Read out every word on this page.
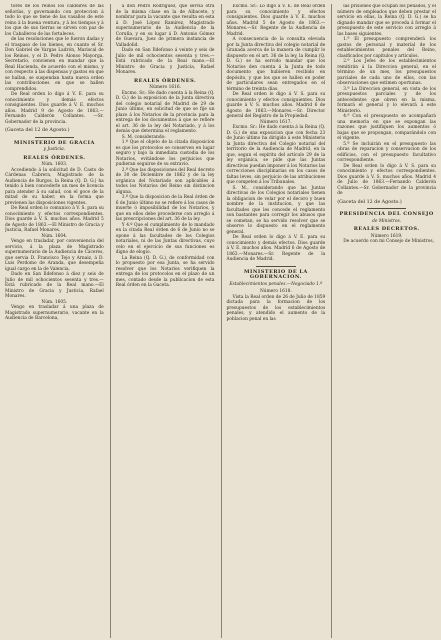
tores de los reinos los caldeires de las señorías, y governando con proteccion á todo lo que se tiene de las vasallos de este reino à la buena ventura, y à los tiempos y à los que de sus tierras se sirven con paz de los Caballeros de las fortaleces.

de las resoluciones que le fueron dadas y el traspaso de los bienes, en cuanto el Sr. Don Gabriel de Vargas Ladrón, Mariscal de los Reinos, y el D. Pedro Alonso Mayorga, Secretario, convienen en mandar que la Real Hacienda, de acuerdo con el mismo, y con respecto á las dispensas y gastos en que se hallan, se suspendan hasta nueva orden las contribuciones en que se hallen comprendidos.

De Real orden lo digo á V. E. para su conocimiento y demás efectos consiguientes. Dios guarde á V. E. muchos años. Madrid 9 de Agosto de 1863.—Fernando Calderón Collantes. —Sr. Gobernador de la provincia.

(Gaceta del 12 de Agosto.)
MINISTERIO DE GRACIA
y Justicia.
REALES ÓRDENES.

Núm. 1603.

Accediendo á la solicitud de D. Casto de Cárdenas Cabrera, Magistrado de la Audiencia de Burgos, la Reina (Q. D. G.) ha tenido á bien concederle un mes de licencia para atender á su salud, con el goce de la mitad de su haber, en la forma que previenen las disposiciones vigentes.

De Real orden lo comunico á V. S. para su conocimiento y efectos correspondientes. Dios guarde á V. S. muchos años. Madrid 5 de Agosto de 1863.—El Ministro de Gracia y Justicia, Rafael Monares.

Núm. 1604.

Vengo en trasladar, por conveniencia del servicio, á la plaza de Magistrado supernumerario de la Audiencia de Cáceres, que servia D. Francisco Tejo y Arnaiz, á D. Luis Perdomo de Aranda, que desempeña igual cargo en la de Valencia.

Dado en San Ildefonso á diez y seis de Julio de mil ochocientos sesenta y tres.—Está rubricado de la Real mano.—El Ministro de Gracia y Justicia, Rafael Monares.

Núm. 1605.

Vengo en trasladar á una plaza de Magistrado supernumerario, vacante en la Audiencia de Barcelona,

á don Pedro Rodriguez, que servia otra de la misma clase en la de Albacete, y nombrar para la vacante que resulta en esta á D. José López Ramírez, Magistrado supernumerario de la Audiencia de la Coruña, y en su lugar á D. Antonio Gómez de Guevara, Juez de primera instancia de Valladolid.

Dado en San Ildefonso á veinte y seis de Julio de mil ochocientos sesenta y tres.—Está rubricado de la Real mano.—El Ministro de Gracia y Justicia, Rafael Monares.

REALES ÓRDENES.

Número 1616.

Excmo. Sr.: He dado cuenta á la Reina (Q. D. G.) de la exposicion de la Junta directiva del colegio notarial de Madrid de 29 de Junio último, en solicitud de que se fije un plazo á los Notarios de la provincia para la entrega de los documentos á que se refiere el art. 36 de la ley del Notariado, y á los demás que determina el reglamento.

S. M. considerando:

1.º Que el objeto de la citada disposicion es que los protocolos se conserven en lugar seguro y bajo la inmediata custodia de los Notarios, evitándose los perjuicios que pudieran seguirse de su extravío.

2.º Que las disposiciones del Real decreto de 30 de Diciembre de 1862 y de la ley orgánica del Notariado son aplicables á todos los Notarios del Reino sin distincion alguna.

3.º Que la disposicion de la Real órden de 6 de Junio último no se refiere á los casos de muerte ó imposibilidad de los Notarios, y que en ellos debe procederse con arreglo á las prescripciones del art. 36 de la ley.

Y 4.º Que el cumplimiento de lo mandado en la citada Real órden de 6 de Junio no se opone á las facultades de los Colegios notariales, ni de las Juntas directivas, cuyo celo en el ejercicio de sus funciones es digno de elogio.

La Reina (Q. D. G.), de conformidad con lo propuesto por esa Junta, se ha servido resolver que los Notarios verifiquen la entrega de los protocolos en el plazo de un mes, contado desde la publicacion de esta Real órden en la Gaceta.

Excmo. Sr.: Lo digo á V. E. de Real orden para su conocimiento y efectos consiguientes. Dios guarde á V. E. muchos años. Madrid 5 de Agosto de 1863.—Monares.—Sr. Regente de la Audiencia de Madrid.

A consecuencia de la consulta elevada por la Junta directiva del colegio notarial de Granada acerca de la manera de cumplir lo dispuesto en el art. 36 de la ley, la Reina (Q. D. G.) se ha servido mandar que los Notarios den cuenta á la Junta de todo documento que hubieren recibido en depósito, y que los que se hallen en poder de particulares sean entregados en el término de treinta dias.

De Real orden lo digo á V. S. para su conocimiento y efectos consiguientes. Dios guarde á V. S. muchos años. Madrid 6 de Agosto de 1863.—Monares.—Sr. Director general del Registro de la Propiedad.

Número 1617.

Excmo. Sr.: He dado cuenta á la Reina (Q. D. G.) de una exposicion que con fecha 23 de Junio último ha dirigido á este Ministerio la Junta directiva del Colegio notarial del territorio de la Audiencia de Madrid, en la que, segun el espíritu del artículo 29 de la ley orgánica, se pide que las Juntas directivas puedan imponer á los Notarios las correcciones disciplinarias en los casos de faltas leves, sin perjuicio de las atribuciones que competen á los Tribunales.

S. M., considerando que las Juntas directivas de los Colegios notariales tienen la obligacion de velar por el decoro y buen nombre de la institucion, y que las facultades que les concede el reglamento son bastantes para corregir los abusos que se cometan, se ha servido resolver que se observe lo dispuesto en el reglamento general.

De Real orden lo digo á V. E. para su conocimiento y demás efectos. Dios guarde á V. E. muchos años. Madrid 6 de Agosto de 1863.—Monares.—Sr. Regente de la Audiencia de Madrid.

MINISTERIO DE LA GOBERNACION.
Establecimientos penales.—Negociado 1.º

Número 1618.

Vista la Real orden de 26 de Julio de 1859 dictada para la formacion de los presupuestos de los establecimientos penales, y atendido el aumento de la poblacion penal en las

las prisiones que ocupan los penados, y el número de empleados que deben prestar el servicio en ellas, la Reina (Q. D. G.) se ha dignado mandar que se proceda á formar el presupuesto de este servicio con arreglo á las bases siguientes.

1.ª El presupuesto comprenderá los gastos de personal y material de los establecimientos penales del Reino, clasificados por capítulos y artículos.

2.ª Los Jefes de los establecimientos remitirán á la Direccion general, en el término de un mes, los presupuestos parciales de cada uno de ellos, con las observaciones que estimen oportunas.

3.ª La Direccion general, en vista de los presupuestos parciales y de los antecedentes que obren en la misma, formará el general y lo elevará á este Ministerio.

4.ª Con el presupuesto se acompañará una memoria en que se expongan las razones que justifiquen los aumentos ó bajas que se propongan, comparándolo con el vigente.

5.ª Se incluirán en el presupuesto las obras de reparacion y conservacion de los edificios, con el presupuesto facultativo correspondiente.

De Real orden lo digo á V. S. para su conocimiento y efectos correspondientes. Dios guarde á V. S. muchos años. Madrid 4 de Julio de 1863.—Fernando Calderón Collantes.—Sr. Gobernador de la provincia de

(Gaceta del 12 de Agosto.)
PRESIDENCIA DEL CONSEJO
de Ministros.
REALES DECRETOS.

Número 1619.

De acuerdo con mi Consejo de Ministros,
